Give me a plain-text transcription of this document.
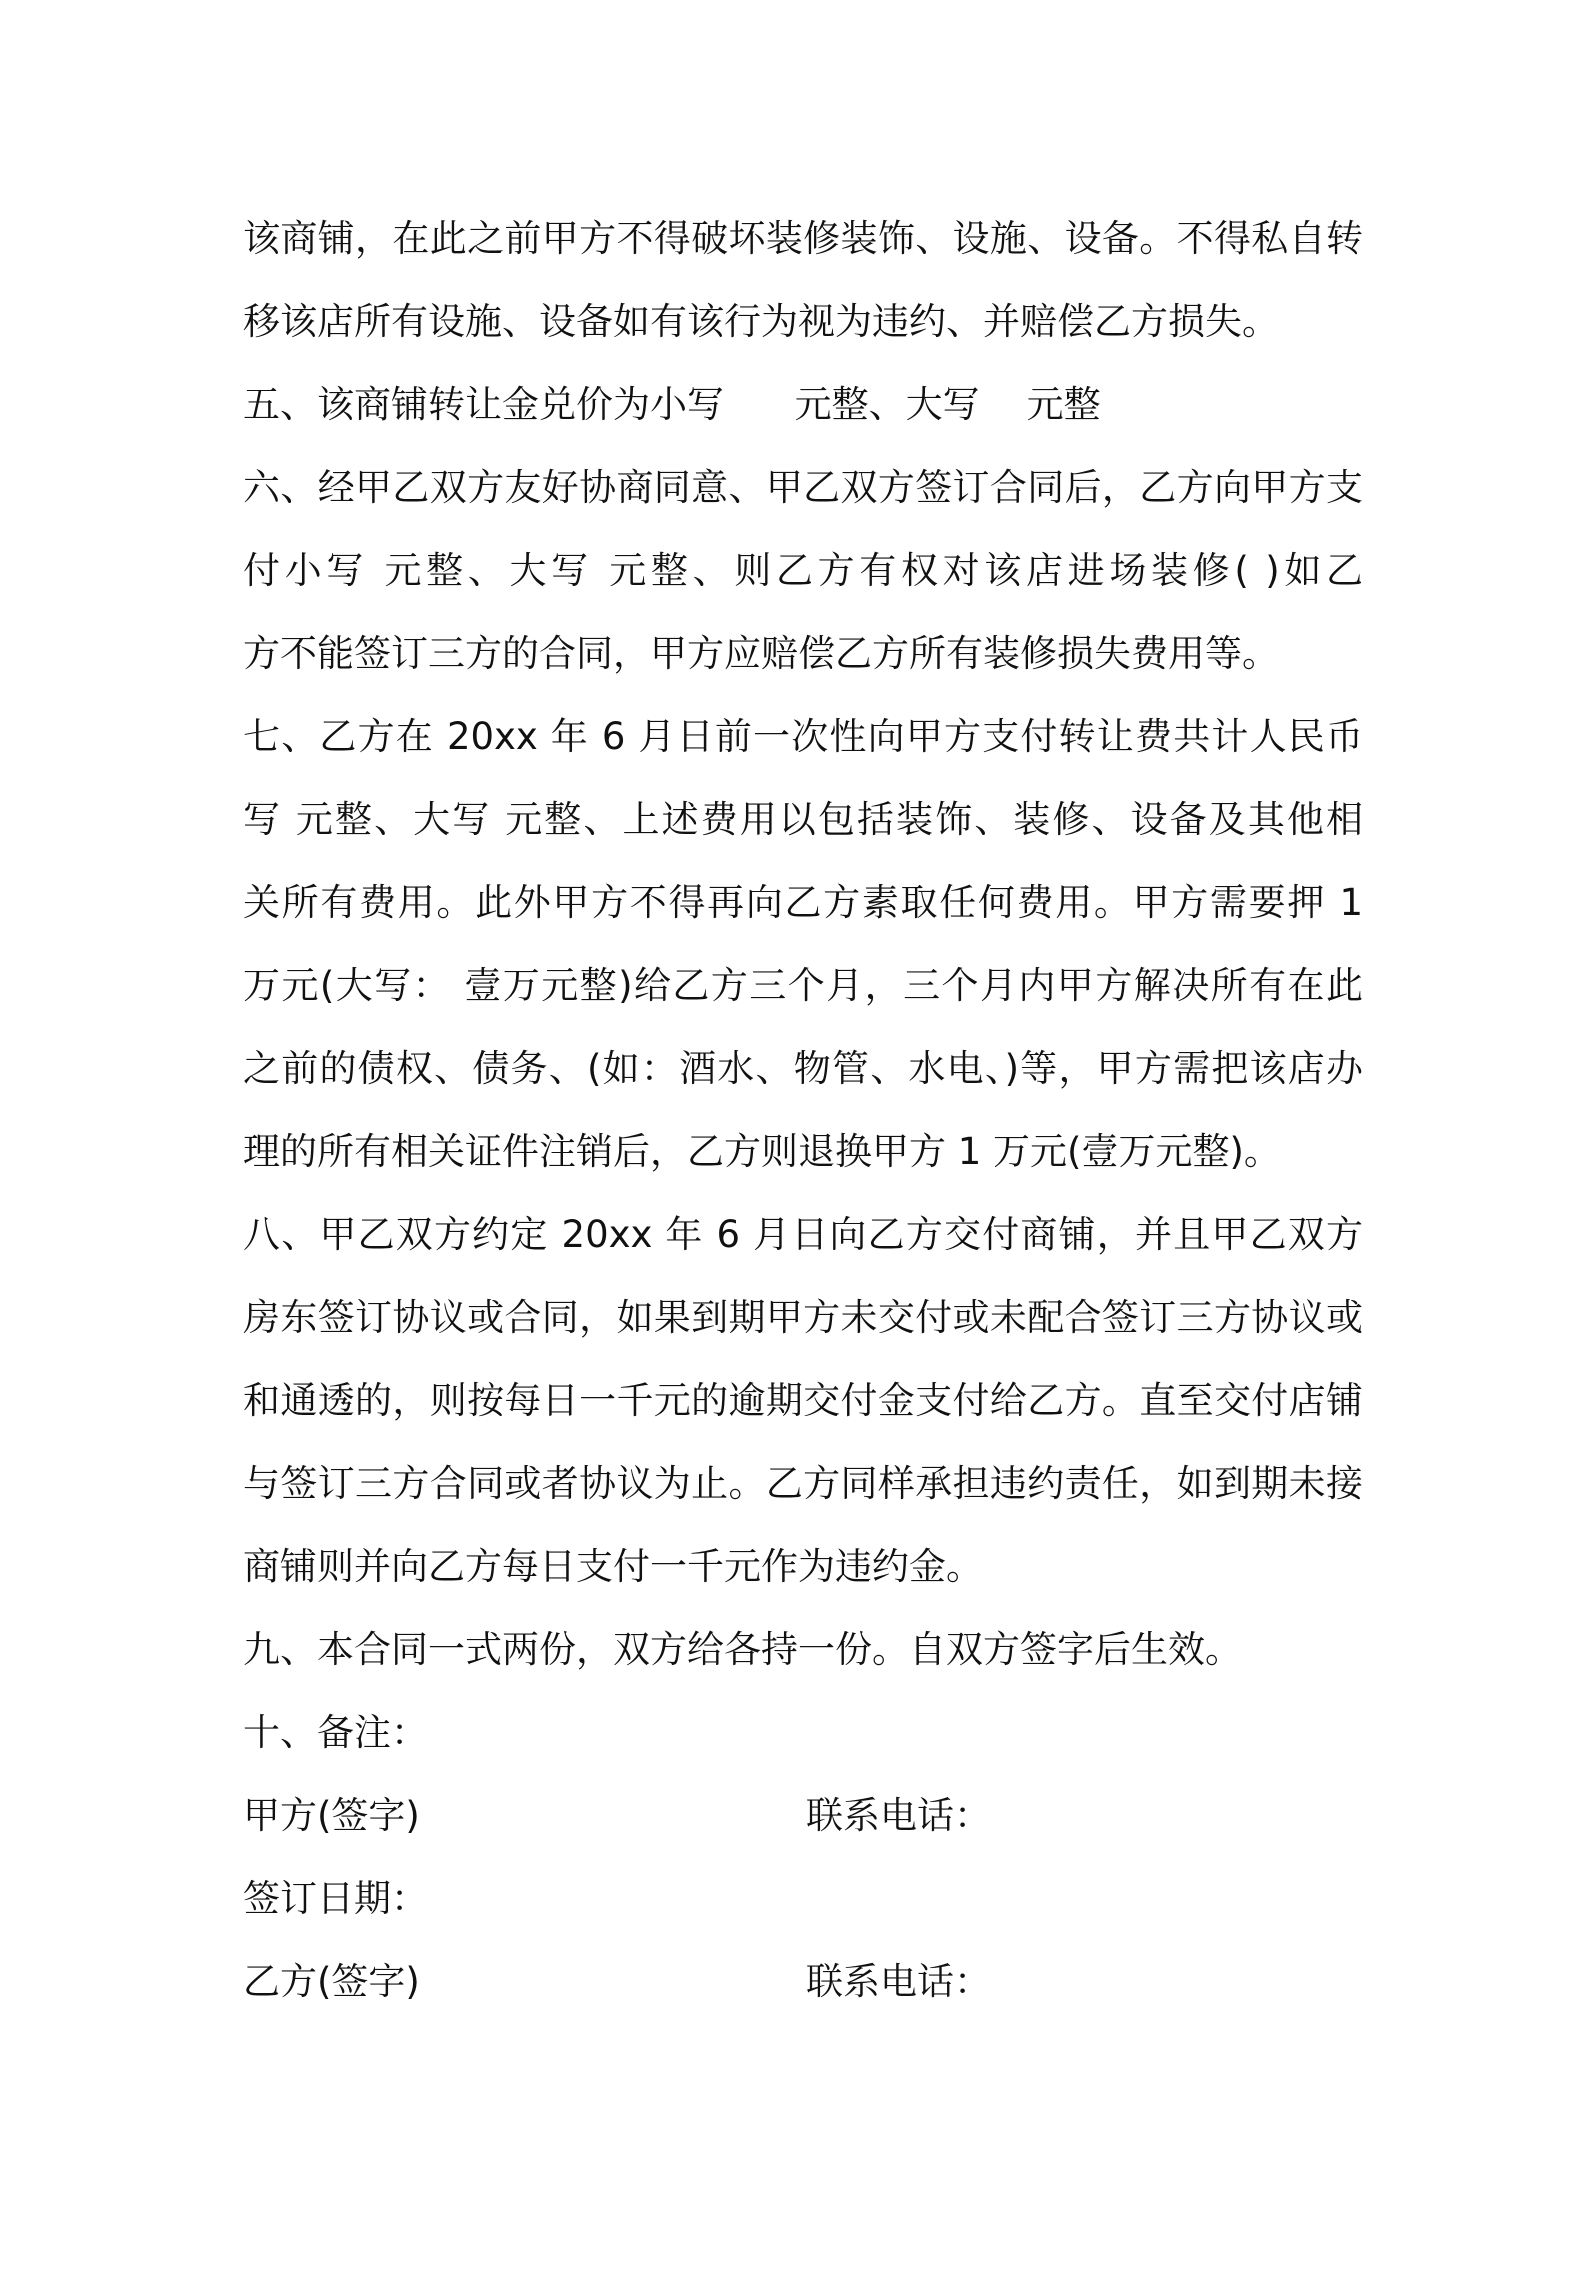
该商铺，在此之前甲方不得破坏装修装饰、设施、设备。不得私自转
移该店所有设施、设备如有该行为视为违约、并赔偿乙方损失。
五、该商铺转让金兑价为小写      元整、大写    元整
六、经甲乙双方友好协商同意、甲乙双方签订合同后，乙方向甲方支
付小写 元整、大写 元整、则乙方有权对该店进场装修( )如乙
方不能签订三方的合同，甲方应赔偿乙方所有装修损失费用等。
七、乙方在 20xx 年 6 月日前一次性向甲方支付转让费共计人民币
写 元整、大写 元整、上述费用以包括装饰、装修、设备及其他相
关所有费用。此外甲方不得再向乙方素取任何费用。甲方需要押 1
万元(大写： 壹万元整)给乙方三个月，三个月内甲方解决所有在此
之前的债权、债务、(如：酒水、物管、水电、)等，甲方需把该店办
理的所有相关证件注销后，乙方则退换甲方 1 万元(壹万元整)。
八、甲乙双方约定 20xx 年 6 月日向乙方交付商铺，并且甲乙双方
房东签订协议或合同，如果到期甲方未交付或未配合签订三方协议或
和通透的，则按每日一千元的逾期交付金支付给乙方。直至交付店铺
与签订三方合同或者协议为止。乙方同样承担违约责任，如到期未接
商铺则并向乙方每日支付一千元作为违约金。
九、本合同一式两份，双方给各持一份。自双方签字后生效。
十、备注：

甲方(签字)

	联系电话：

签订日期：

乙方(签字)

	联系电话：
